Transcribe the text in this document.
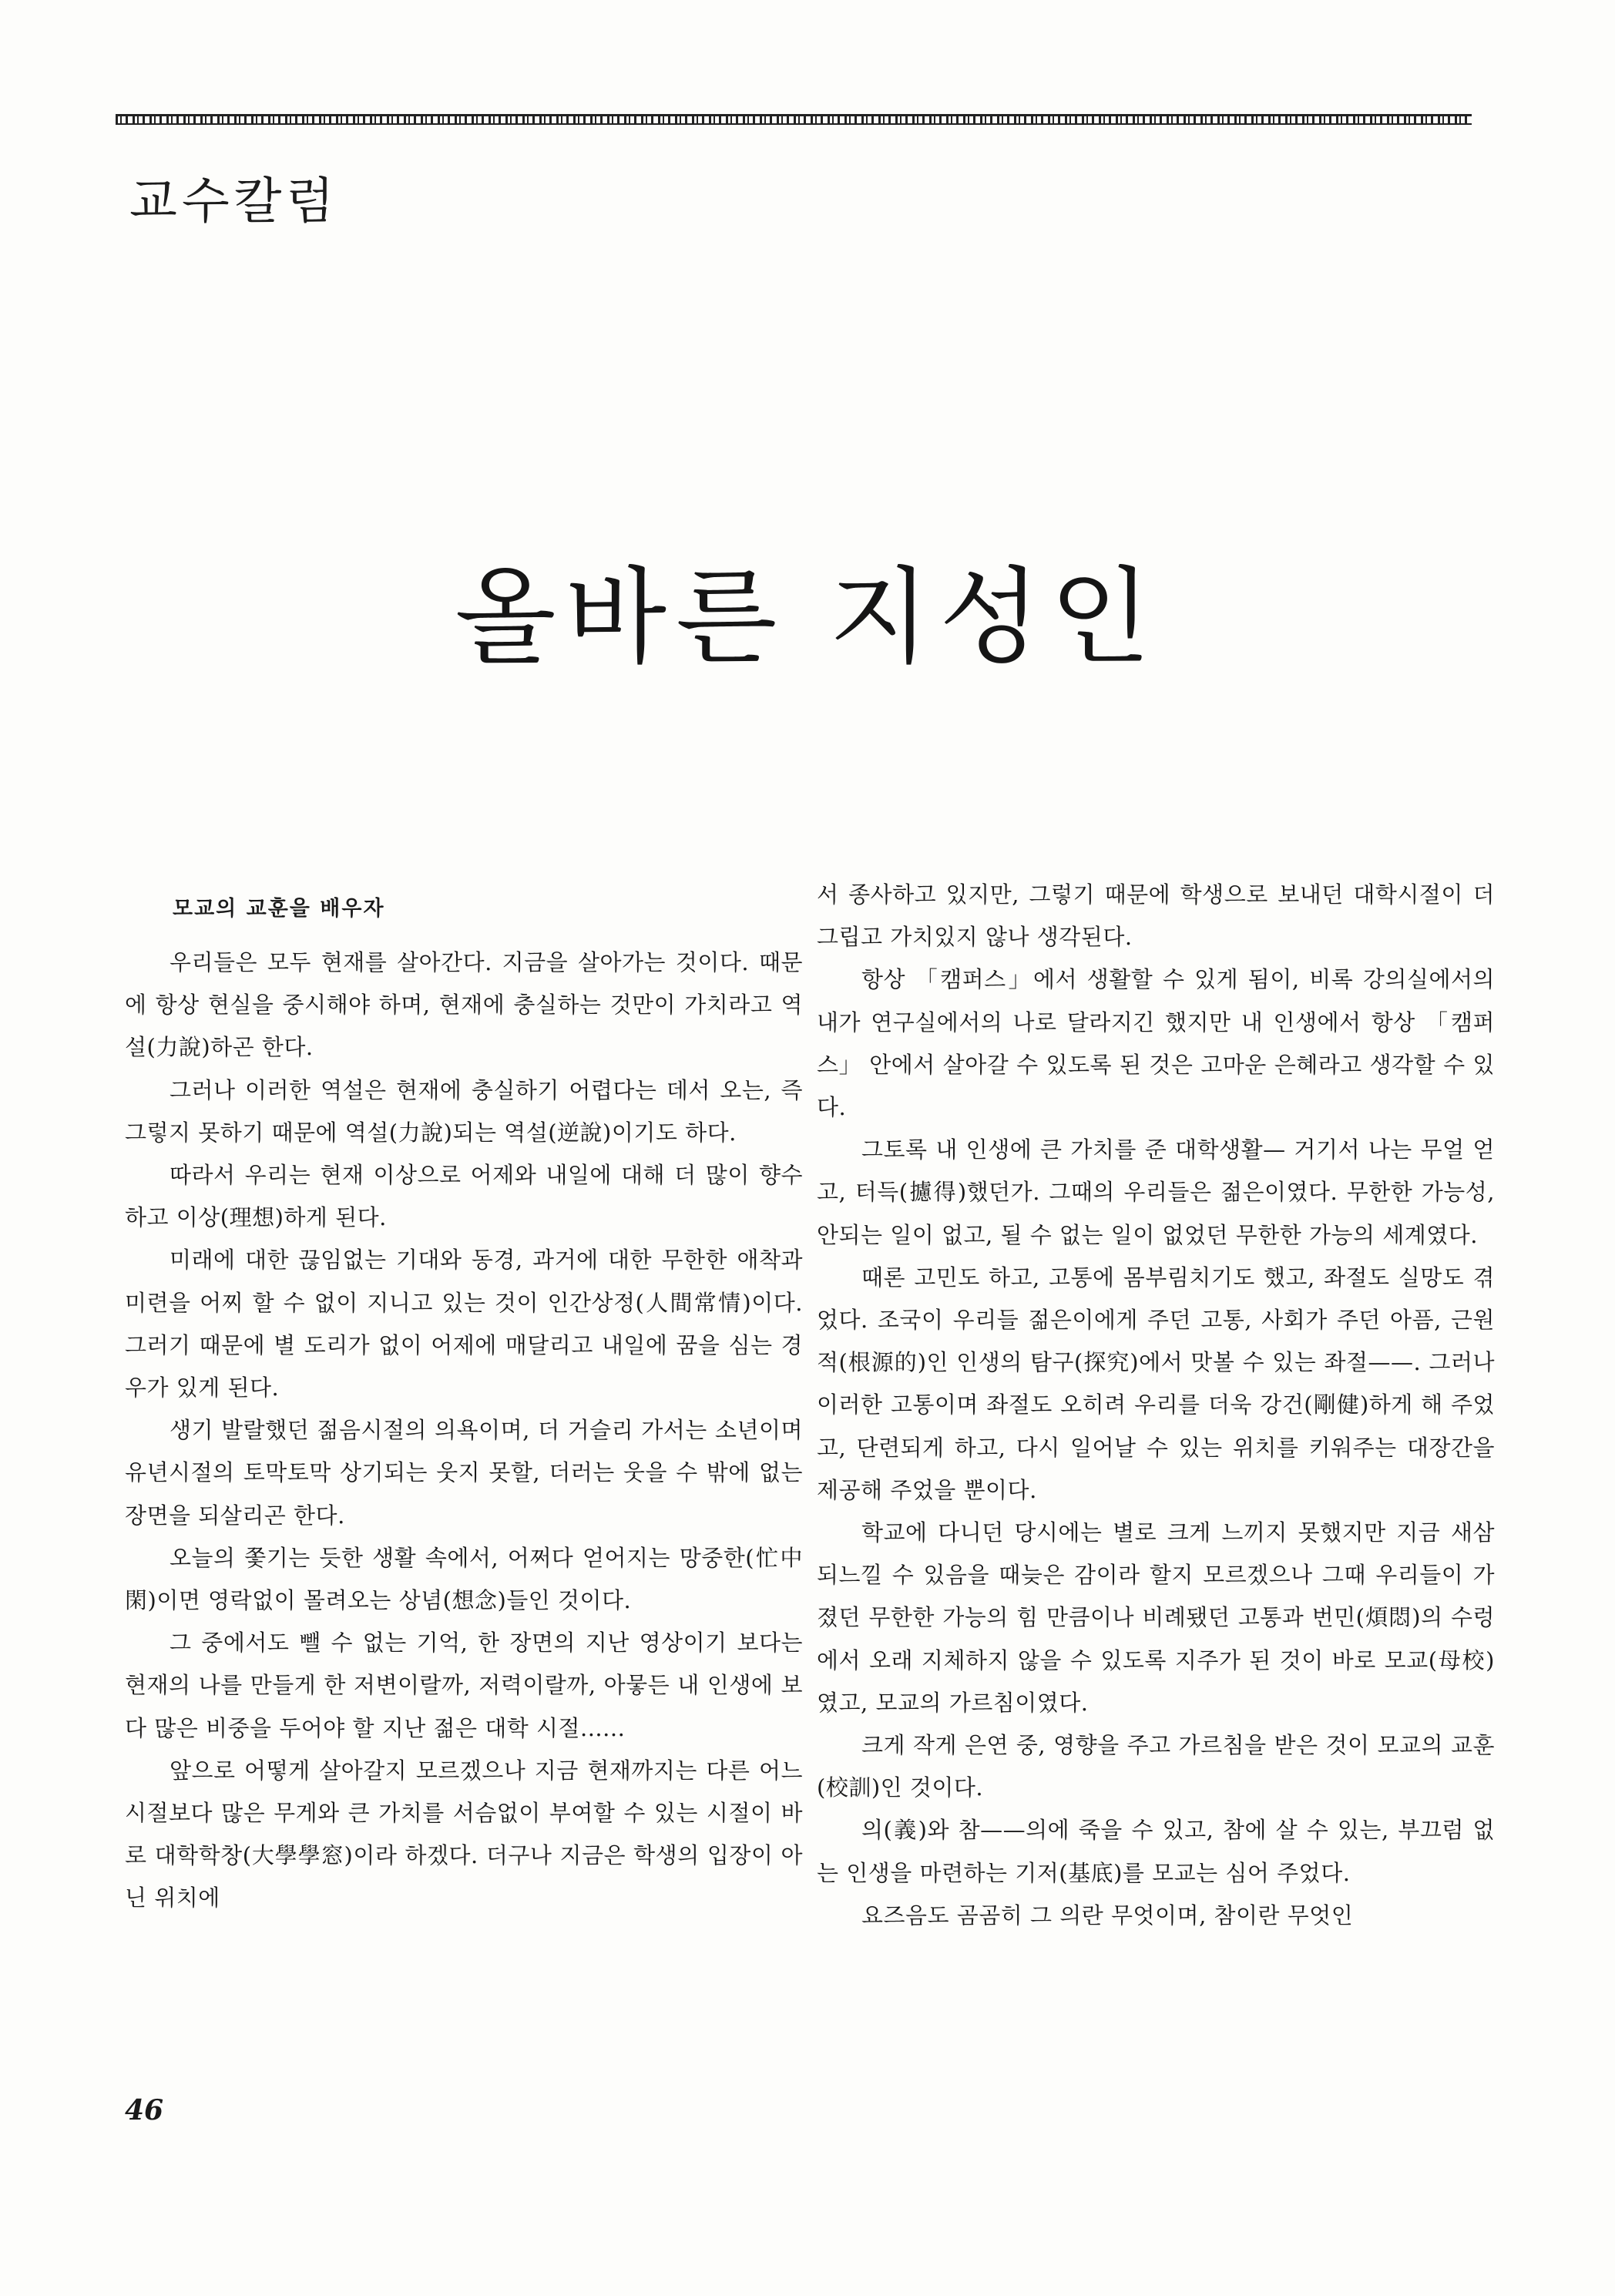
교수칼럼
올바른 지성인
모교의 교훈을 배우자

우리들은 모두 현재를 살아간다. 지금을 살아가는 것이다. 때문에 항상 현실을 중시해야 하며, 현재에 충실하는 것만이 가치라고 역설(力說)하곤 한다.

그러나 이러한 역설은 현재에 충실하기 어렵다는 데서 오는, 즉 그렇지 못하기 때문에 역설(力說)되는 역설(逆說)이기도 하다.

따라서 우리는 현재 이상으로 어제와 내일에 대해 더 많이 향수하고 이상(理想)하게 된다.

미래에 대한 끊임없는 기대와 동경, 과거에 대한 무한한 애착과 미련을 어찌 할 수 없이 지니고 있는 것이 인간상정(人間常情)이다. 그러기 때문에 별 도리가 없이 어제에 매달리고 내일에 꿈을 심는 경우가 있게 된다.

생기 발랄했던 젊음시절의 의욕이며, 더 거슬리 가서는 소년이며 유년시절의 토막토막 상기되는 웃지 못할, 더러는 웃을 수 밖에 없는 장면을 되살리곤 한다.

오늘의 쫓기는 듯한 생활 속에서, 어쩌다 얻어지는 망중한(忙中閑)이면 영락없이 몰려오는 상념(想念)들인 것이다.

그 중에서도 뺄 수 없는 기억, 한 장면의 지난 영상이기 보다는 현재의 나를 만들게 한 저변이랄까, 저력이랄까, 아뭏든 내 인생에 보다 많은 비중을 두어야 할 지난 젊은 대학 시절......

앞으로 어떻게 살아갈지 모르겠으나 지금 현재까지는 다른 어느 시절보다 많은 무게와 큰 가치를 서슴없이 부여할 수 있는 시절이 바로 대학학창(大學學窓)이라 하겠다. 더구나 지금은 학생의 입장이 아닌 위치에

서 종사하고 있지만, 그렇기 때문에 학생으로 보내던 대학시절이 더 그립고 가치있지 않나 생각된다.

항상 「캠퍼스」에서 생활할 수 있게 됨이, 비록 강의실에서의 내가 연구실에서의 나로 달라지긴 했지만 내 인생에서 항상 「캠퍼스」 안에서 살아갈 수 있도록 된 것은 고마운 은혜라고 생각할 수 있다.

그토록 내 인생에 큰 가치를 준 대학생활— 거기서 나는 무얼 얻고, 터득(攄得)했던가. 그때의 우리들은 젊은이였다. 무한한 가능성, 안되는 일이 없고, 될 수 없는 일이 없었던 무한한 가능의 세계였다.

때론 고민도 하고, 고통에 몸부림치기도 했고, 좌절도 실망도 겪었다. 조국이 우리들 젊은이에게 주던 고통, 사회가 주던 아픔, 근원적(根源的)인 인생의 탐구(探究)에서 맛볼 수 있는 좌절——. 그러나 이러한 고통이며 좌절도 오히려 우리를 더욱 강건(剛健)하게 해 주었고, 단련되게 하고, 다시 일어날 수 있는 위치를 키워주는 대장간을 제공해 주었을 뿐이다.

학교에 다니던 당시에는 별로 크게 느끼지 못했지만 지금 새삼 되느낄 수 있음을 때늦은 감이라 할지 모르겠으나 그때 우리들이 가졌던 무한한 가능의 힘 만큼이나 비례됐던 고통과 번민(煩悶)의 수렁에서 오래 지체하지 않을 수 있도록 지주가 된 것이 바로 모교(母校)였고, 모교의 가르침이였다.

크게 작게 은연 중, 영향을 주고 가르침을 받은 것이 모교의 교훈(校訓)인 것이다.

의(義)와 참——의에 죽을 수 있고, 참에 살 수 있는, 부끄럼 없는 인생을 마련하는 기저(基底)를 모교는 심어 주었다.

요즈음도 곰곰히 그 의란 무엇이며, 참이란 무엇인

46
